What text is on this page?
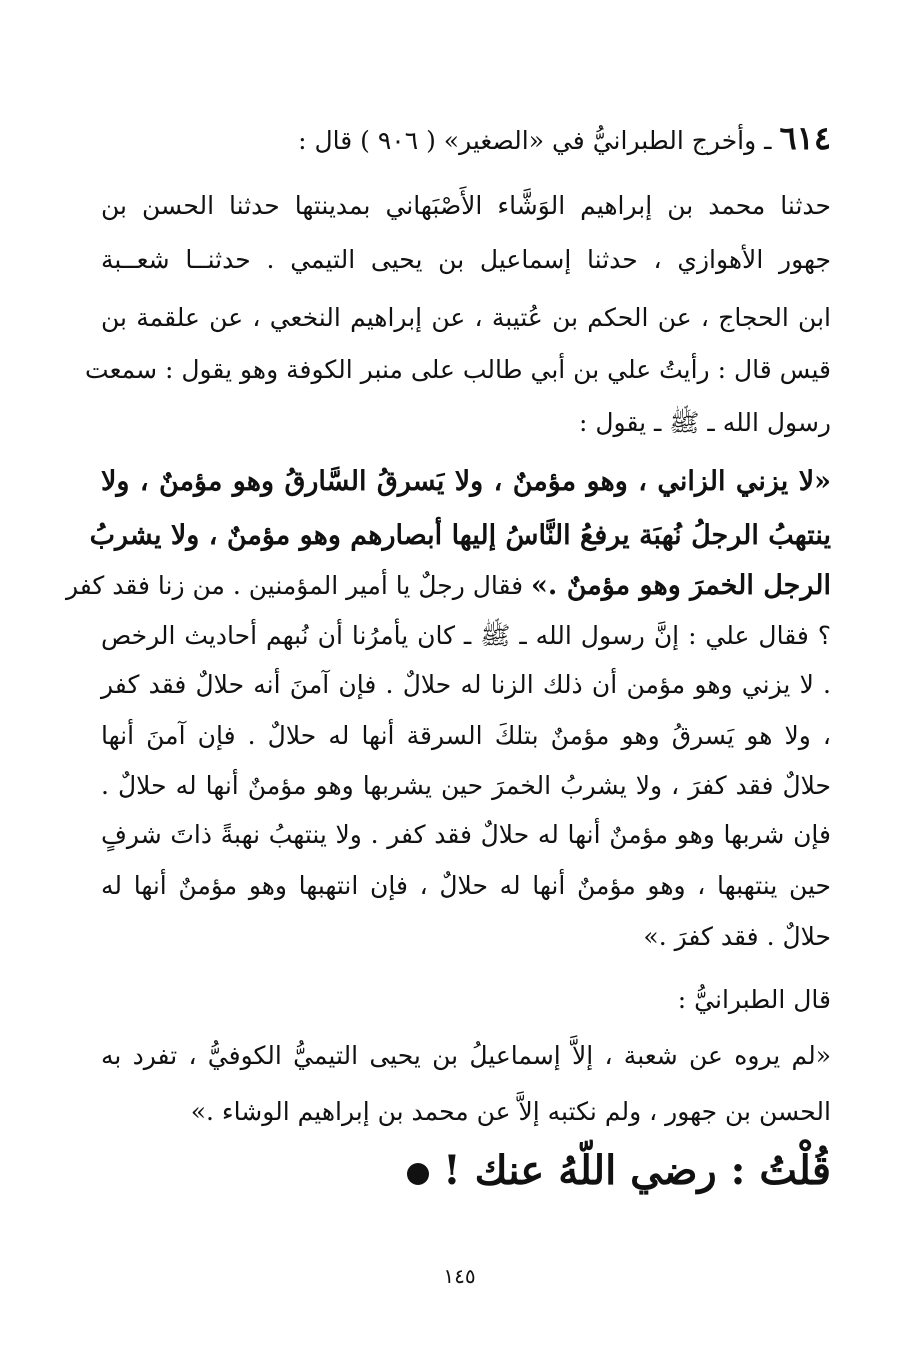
٦١٤ ـ وأخرج الطبرانيُّ في «الصغير» ( ٩٠٦ ) قال :
حدثنا محمد بن إبراهيم الوَشَّاء الأَصْبَهاني بمدينتها حدثنا الحسن بن
جهور الأهوازي ، حدثنا إسماعيل بن يحيى التيمي . حدثنــا شعــبة
ابن الحجاج ، عن الحكم بن عُتيبة ، عن إبراهيم النخعي ، عن علقمة بن
قيس قال : رأيتُ علي بن أبي طالب على منبر الكوفة وهو يقول : سمعت
رسول الله ـ ﷺ ـ يقول :
«لا يزني الزاني ، وهو مؤمنٌ ، ولا يَسرقُ السَّارقُ وهو مؤمنٌ ، ولا
ينتهبُ الرجلُ نُهبَة يرفعُ النَّاسُ إليها أبصارهم وهو مؤمنٌ ، ولا يشربُ
الرجل الخمرَ وهو مؤمنٌ .» فقال رجلٌ يا أمير المؤمنين . من زنا فقد كفر
؟ فقال علي : إنَّ رسول الله ـ ﷺ ـ كان يأمرُنا أن نُبهم أحاديث الرخص
. لا يزني وهو مؤمن أن ذلك الزنا له حلالٌ . فإن آمنَ أنه حلالٌ فقد كفر
، ولا هو يَسرقُ وهو مؤمنٌ بتلكَ السرقة أنها له حلالٌ . فإن آمنَ أنها
حلالٌ فقد كفرَ ، ولا يشربُ الخمرَ حين يشربها وهو مؤمنٌ أنها له حلالٌ .
فإن شربها وهو مؤمنٌ أنها له حلالٌ فقد كفر . ولا ينتهبُ نهبةً ذاتَ شرفٍ
حين ينتهبها ، وهو مؤمنٌ أنها له حلالٌ ، فإن انتهبها وهو مؤمنٌ أنها له
حلالٌ . فقد كفرَ .»
قال الطبرانيُّ :
«لم يروه عن شعبة ، إلاَّ إسماعيلُ بن يحيى التيميُّ الكوفيُّ ، تفرد به
الحسن بن جهور ، ولم نكتبه إلاَّ عن محمد بن إبراهيم الوشاء .»
قُلْتُ : رضي اللّهُ عنك !
١٤٥
